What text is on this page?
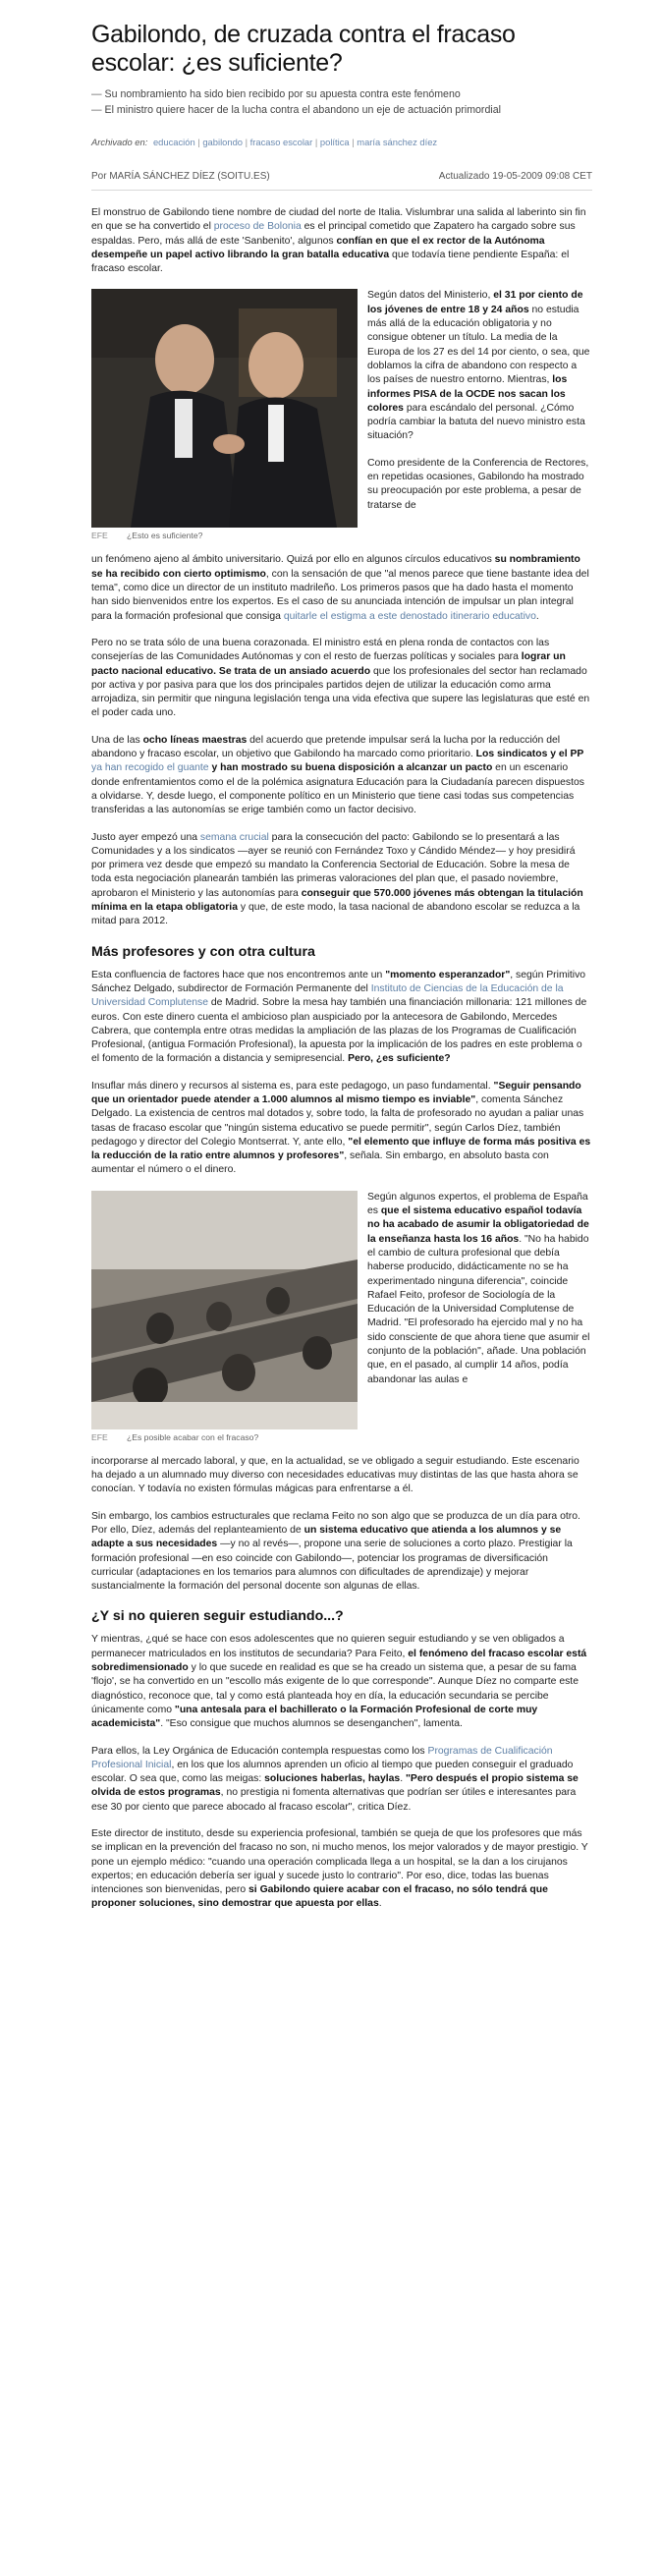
Gabilondo, de cruzada contra el fracaso escolar: ¿es suficiente?
— Su nombramiento ha sido bien recibido por su apuesta contra este fenómeno
— El ministro quiere hacer de la lucha contra el abandono un eje de actuación primordial
Archivado en: educación | gabilondo | fracaso escolar | política | maría sánchez díez
Por MARÍA SÁNCHEZ DÍEZ (SOITU.ES)	Actualizado 19-05-2009 09:08 CET

El monstruo de Gabilondo tiene nombre de ciudad del norte de Italia. Vislumbrar una salida al laberinto sin fin en que se ha convertido el proceso de Bolonia es el principal cometido que Zapatero ha cargado sobre sus espaldas. Pero, más allá de este 'Sanbenito', algunos confían en que el ex rector de la Autónoma desempeñe un papel activo librando la gran batalla educativa que todavía tiene pendiente España: el fracaso escolar.

EFE	¿Esto es suficiente?

Según datos del Ministerio, el 31 por ciento de los jóvenes de entre 18 y 24 años no estudia más allá de la educación obligatoria y no consigue obtener un título. La media de la Europa de los 27 es del 14 por ciento, o sea, que doblamos la cifra de abandono con respecto a los países de nuestro entorno. Mientras, los informes PISA de la OCDE nos sacan los colores para escándalo del personal. ¿Cómo podría cambiar la batuta del nuevo ministro esta situación?

Como presidente de la Conferencia de Rectores, en repetidas ocasiones, Gabilondo ha mostrado su preocupación por este problema, a pesar de tratarse de

un fenómeno ajeno al ámbito universitario. Quizá por ello en algunos círculos educativos su nombramiento se ha recibido con cierto optimismo, con la sensación de que "al menos parece que tiene bastante idea del tema", como dice un director de un instituto madrileño. Los primeros pasos que ha dado hasta el momento han sido bienvenidos entre los expertos. Es el caso de su anunciada intención de impulsar un plan integral para la formación profesional que consiga quitarle el estigma a este denostado itinerario educativo.

Pero no se trata sólo de una buena corazonada. El ministro está en plena ronda de contactos con las consejerías de las Comunidades Autónomas y con el resto de fuerzas políticas y sociales para lograr un pacto nacional educativo. Se trata de un ansiado acuerdo que los profesionales del sector han reclamado por activa y por pasiva para que los dos principales partidos dejen de utilizar la educación como arma arrojadiza, sin permitir que ninguna legislación tenga una vida efectiva que supere las legislaturas que esté en el poder cada uno.

Una de las ocho líneas maestras del acuerdo que pretende impulsar será la lucha por la reducción del abandono y fracaso escolar, un objetivo que Gabilondo ha marcado como prioritario. Los sindicatos y el PP ya han recogido el guante y han mostrado su buena disposición a alcanzar un pacto en un escenario donde enfrentamientos como el de la polémica asignatura Educación para la Ciudadanía parecen dispuestos a olvidarse. Y, desde luego, el componente político en un Ministerio que tiene casi todas sus competencias transferidas a las autonomías se erige también como un factor decisivo.

Justo ayer empezó una semana crucial para la consecución del pacto: Gabilondo se lo presentará a las Comunidades y a los sindicatos —ayer se reunió con Fernández Toxo y Cándido Méndez— y hoy presidirá por primera vez desde que empezó su mandato la Conferencia Sectorial de Educación. Sobre la mesa de toda esta negociación planearán también las primeras valoraciones del plan que, el pasado noviembre, aprobaron el Ministerio y las autonomías para conseguir que 570.000 jóvenes más obtengan la titulación mínima en la etapa obligatoria y que, de este modo, la tasa nacional de abandono escolar se reduzca a la mitad para 2012.

Más profesores y con otra cultura

Esta confluencia de factores hace que nos encontremos ante un "momento esperanzador", según Primitivo Sánchez Delgado, subdirector de Formación Permanente del Instituto de Ciencias de la Educación de la Universidad Complutense de Madrid. Sobre la mesa hay también una financiación millonaria: 121 millones de euros. Con este dinero cuenta el ambicioso plan auspiciado por la antecesora de Gabilondo, Mercedes Cabrera, que contempla entre otras medidas la ampliación de las plazas de los Programas de Cualificación Profesional, (antigua Formación Profesional), la apuesta por la implicación de los padres en este problema o el fomento de la formación a distancia y semipresencial. Pero, ¿es suficiente?

Insuflar más dinero y recursos al sistema es, para este pedagogo, un paso fundamental. "Seguir pensando que un orientador puede atender a 1.000 alumnos al mismo tiempo es inviable", comenta Sánchez Delgado. La existencia de centros mal dotados y, sobre todo, la falta de profesorado no ayudan a paliar unas tasas de fracaso escolar que "ningún sistema educativo se puede permitir", según Carlos Díez, también pedagogo y director del Colegio Montserrat. Y, ante ello, "el elemento que influye de forma más positiva es la reducción de la ratio entre alumnos y profesores", señala. Sin embargo, en absoluto basta con aumentar el número o el dinero.

EFE	¿Es posible acabar con el fracaso?

Según algunos expertos, el problema de España es que el sistema educativo español todavía no ha acabado de asumir la obligatoriedad de la enseñanza hasta los 16 años. "No ha habido el cambio de cultura profesional que debía haberse producido, didácticamente no se ha experimentado ninguna diferencia", coincide Rafael Feito, profesor de Sociología de la Educación de la Universidad Complutense de Madrid. "El profesorado ha ejercido mal y no ha sido consciente de que ahora tiene que asumir el conjunto de la población", añade. Una población que, en el pasado, al cumplir 14 años, podía abandonar las aulas e

incorporarse al mercado laboral, y que, en la actualidad, se ve obligado a seguir estudiando. Este escenario ha dejado a un alumnado muy diverso con necesidades educativas muy distintas de las que hasta ahora se conocían. Y todavía no existen fórmulas mágicas para enfrentarse a él.

Sin embargo, los cambios estructurales que reclama Feito no son algo que se produzca de un día para otro. Por ello, Díez, además del replanteamiento de un sistema educativo que atienda a los alumnos y se adapte a sus necesidades —y no al revés—, propone una serie de soluciones a corto plazo. Prestigiar la formación profesional —en eso coincide con Gabilondo—, potenciar los programas de diversificación curricular (adaptaciones en los temarios para alumnos con dificultades de aprendizaje) y mejorar sustancialmente la formación del personal docente son algunas de ellas.

¿Y si no quieren seguir estudiando...?

Y mientras, ¿qué se hace con esos adolescentes que no quieren seguir estudiando y se ven obligados a permanecer matriculados en los institutos de secundaria? Para Feito, el fenómeno del fracaso escolar está sobredimensionado y lo que sucede en realidad es que se ha creado un sistema que, a pesar de su fama 'flojo', se ha convertido en un "escollo más exigente de lo que corresponde". Aunque Díez no comparte este diagnóstico, reconoce que, tal y como está planteada hoy en día, la educación secundaria se percibe únicamente como "una antesala para el bachillerato o la Formación Profesional de corte muy academicista". "Eso consigue que muchos alumnos se desenganchen", lamenta.

Para ellos, la Ley Orgánica de Educación contempla respuestas como los Programas de Cualificación Profesional Inicial, en los que los alumnos aprenden un oficio al tiempo que pueden conseguir el graduado escolar. O sea que, como las meigas: soluciones haberlas, haylas. "Pero después el propio sistema se olvida de estos programas, no prestigia ni fomenta alternativas que podrían ser útiles e interesantes para ese 30 por ciento que parece abocado al fracaso escolar", critica Díez.

Este director de instituto, desde su experiencia profesional, también se queja de que los profesores que más se implican en la prevención del fracaso no son, ni mucho menos, los mejor valorados y de mayor prestigio. Y pone un ejemplo médico: "cuando una operación complicada llega a un hospital, se la dan a los cirujanos expertos; en educación debería ser igual y sucede justo lo contrario". Por eso, dice, todas las buenas intenciones son bienvenidas, pero si Gabilondo quiere acabar con el fracaso, no sólo tendrá que proponer soluciones, sino demostrar que apuesta por ellas.
